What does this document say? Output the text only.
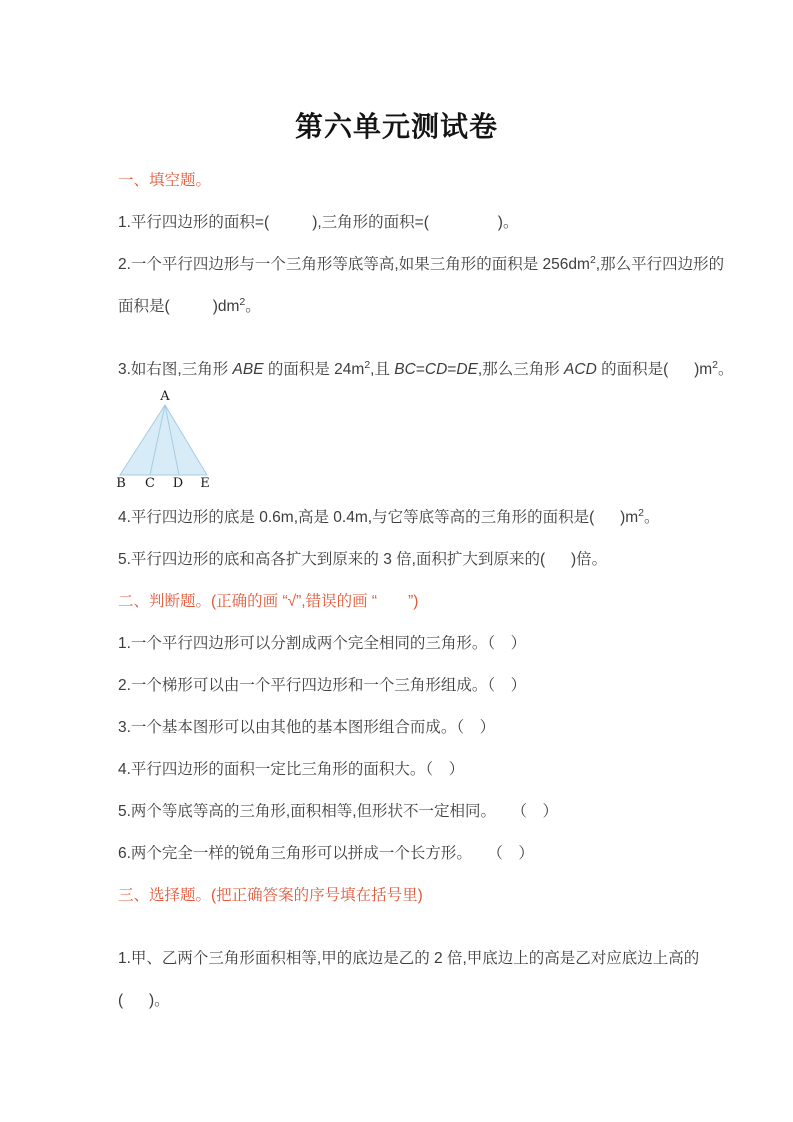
第六单元测试卷

一、填空题。

1.平行四边形的面积=(          ),三角形的面积=(                )。

2.一个平行四边形与一个三角形等底等高,如果三角形的面积是 $256dm^2$,那么平行四边形的

面积是(          )$dm^2$。

3.如右图,三角形 ABE 的面积是 $24m^2$,且 BC=CD=DE,那么三角形 ACD 的面积是(      )$m^2$。

A
B C D E

4.平行四边形的底是 0.6m,高是 0.4m,与它等底等高的三角形的面积是(      )$m^2$。

5.平行四边形的底和高各扩大到原来的 3 倍,面积扩大到原来的(      )倍。

二、判断题。(正确的画 “√”,错误的画 “　　”)

1.一个平行四边形可以分割成两个完全相同的三角形。（　）

2.一个梯形可以由一个平行四边形和一个三角形组成。（　）

3.一个基本图形可以由其他的基本图形组合而成。（　）

4.平行四边形的面积一定比三角形的面积大。（　）

5.两个等底等高的三角形,面积相等,但形状不一定相同。　　（　）

6.两个完全一样的锐角三角形可以拼成一个长方形。　　（　）

三、选择题。(把正确答案的序号填在括号里)

1.甲、乙两个三角形面积相等,甲的底边是乙的 2 倍,甲底边上的高是乙对应底边上高的

(      )。
